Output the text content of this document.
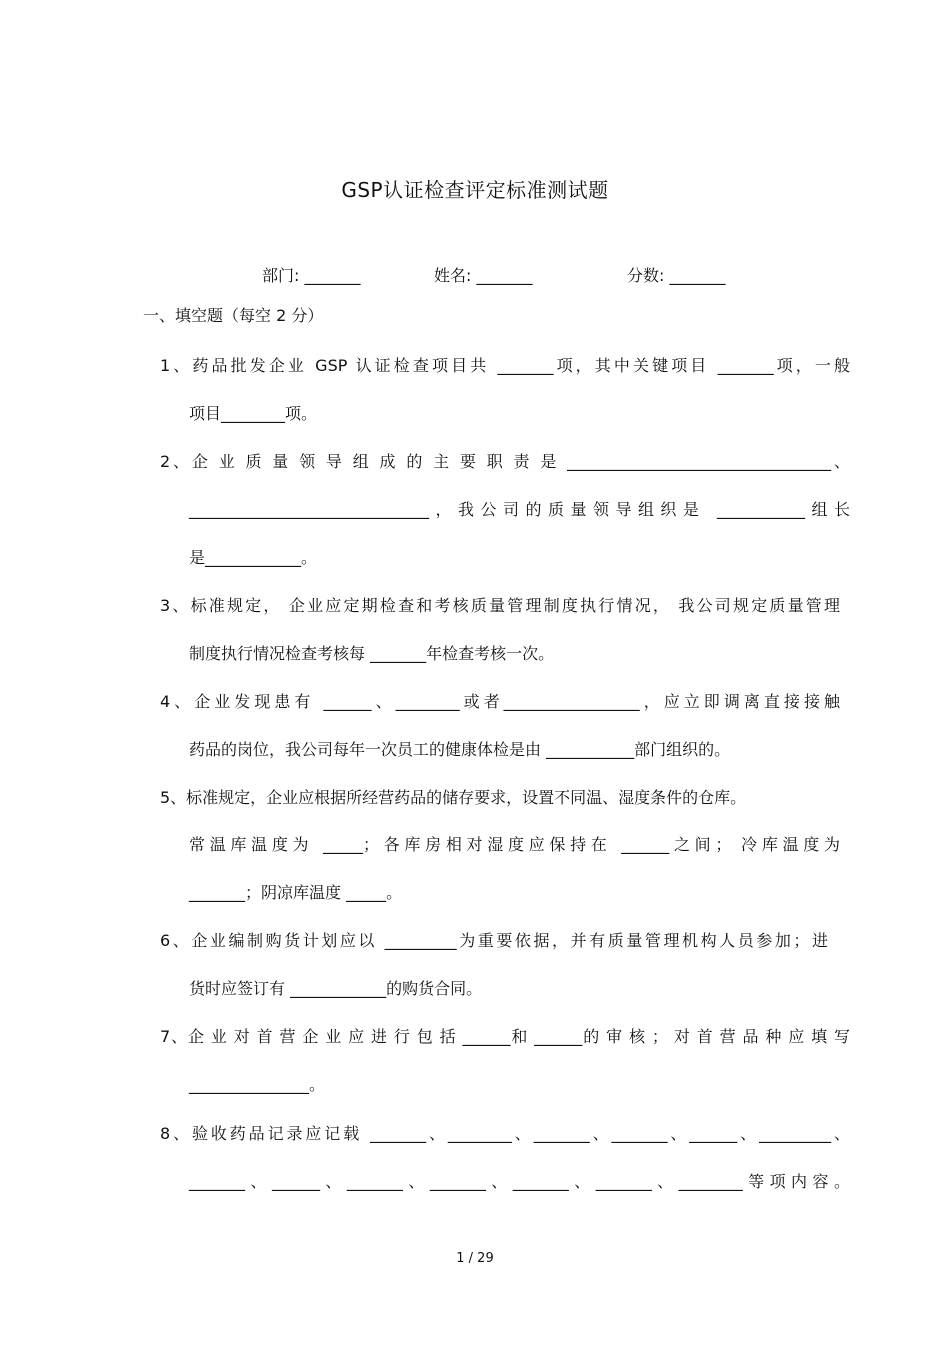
GSP认证检查评定标准测试题
部门: _______	姓名: _______	分数: _______
一、填空题（每空 2 分）
1、药品批发企业 GSP 认证检查项目共 _______项，其中关键项目 _______项，一般
项目________项。
2、企 业 质 量 领 导 组 成 的 主 要 职 责 是 _________________________________、
______________________________，我公司的质量领导组织是 ___________组长
是____________。
3、标准规定， 企业应定期检查和考核质量管理制度执行情况， 我公司规定质量管理
制度执行情况检查考核每 _______年检查考核一次。
4、企业发现患有 ______、________或者_________________，应立即调离直接接触
药品的岗位，我公司每年一次员工的健康体检是由 ___________部门组织的。
5、标准规定，企业应根据所经营药品的储存要求，设置不同温、湿度条件的仓库。
常温库温度为 _____；各库房相对湿度应保持在 ______之间； 冷库温度为
_______；阴凉库温度 _____。
6、企业编制购货计划应以 _________为重要依据，并有质量管理机构人员参加；进
货时应签订有 ____________的购货合同。
7、企 业 对 首 营 企 业 应 进 行 包 括 ______和 ______的 审 核 ； 对 首 营 品 种 应 填 写
_______________。
8、验收药品记录应记载 _______、________、_______、_______、______、_________、
_______、______、_______、_______、_______、_______、________等项内容。
1 / 29
